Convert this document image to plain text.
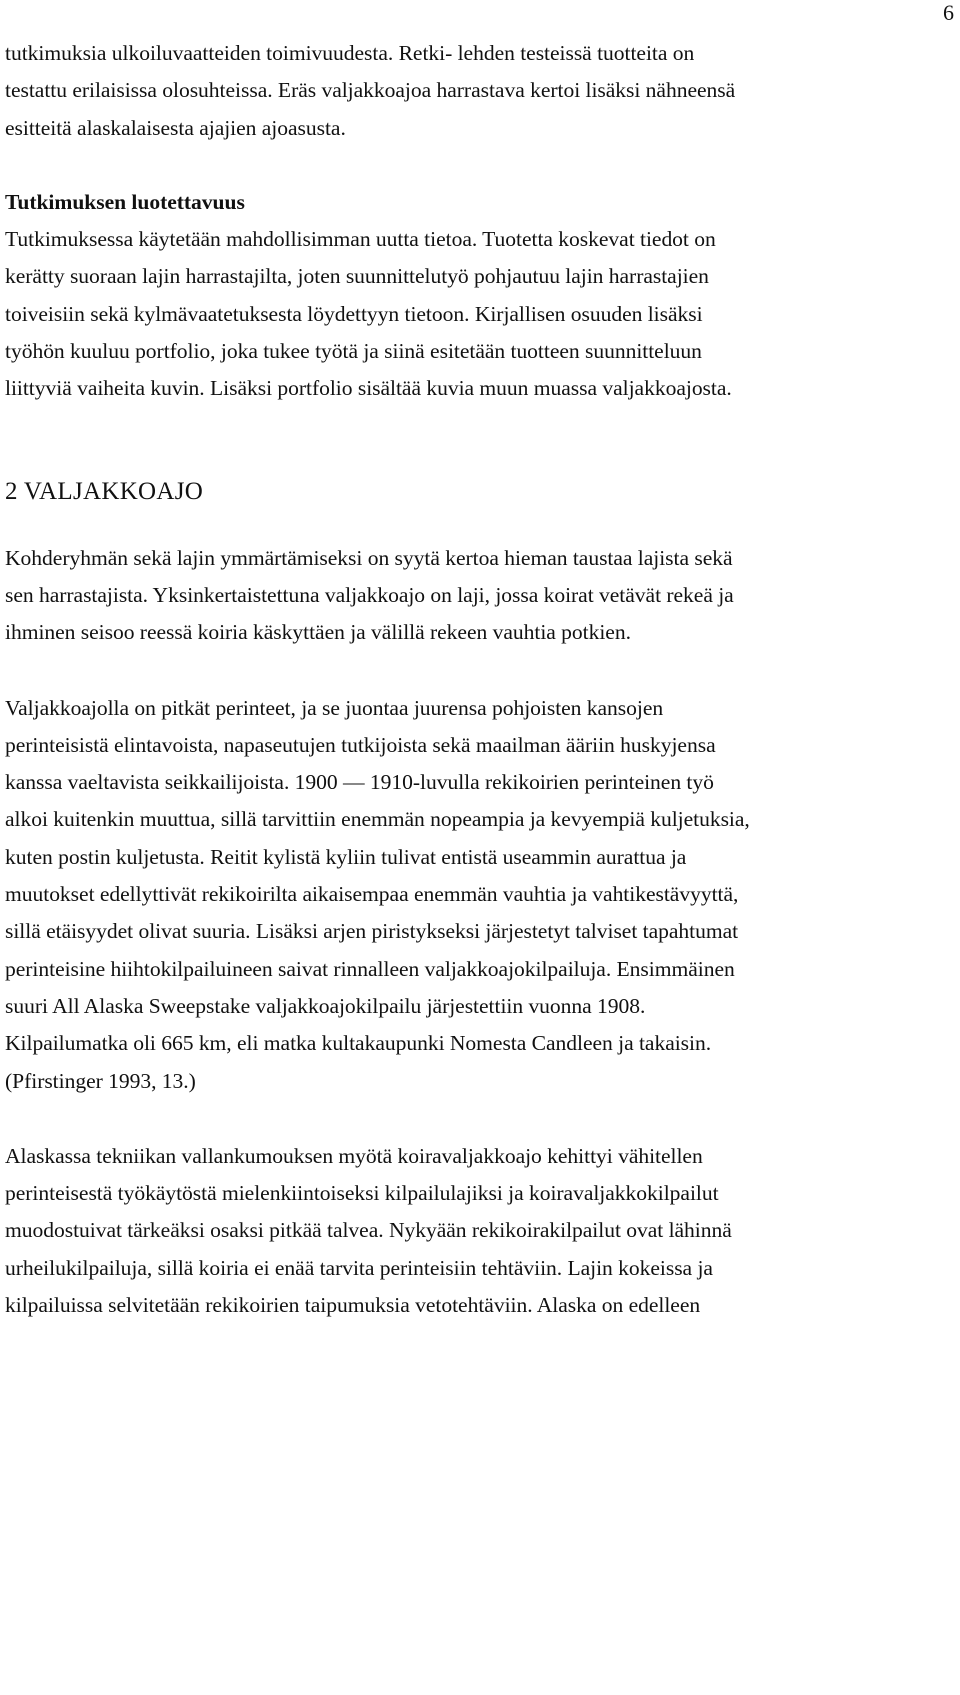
6
tutkimuksia ulkoiluvaatteiden toimivuudesta. Retki- lehden testeissä tuotteita on
testattu erilaisissa olosuhteissa. Eräs valjakkoajoa harrastava kertoi lisäksi nähneensä
esitteitä alaskalaisesta ajajien ajoasusta.
Tutkimuksen luotettavuus
Tutkimuksessa käytetään mahdollisimman uutta tietoa. Tuotetta koskevat tiedot on
kerätty suoraan lajin harrastajilta, joten suunnittelutyö pohjautuu lajin harrastajien
toiveisiin sekä kylmävaatetuksesta löydettyyn tietoon. Kirjallisen osuuden lisäksi
työhön kuuluu portfolio, joka tukee työtä ja siinä esitetään tuotteen suunnitteluun
liittyviä vaiheita kuvin. Lisäksi portfolio sisältää kuvia muun muassa valjakkoajosta.
2 VALJAKKOAJO
Kohderyhmän sekä lajin ymmärtämiseksi on syytä kertoa hieman taustaa lajista sekä
sen harrastajista. Yksinkertaistettuna valjakkoajo on laji, jossa koirat vetävät rekeä ja
ihminen seisoo reessä koiria käskyttäen ja välillä rekeen vauhtia potkien.
Valjakkoajolla on pitkät perinteet, ja se juontaa juurensa pohjoisten kansojen
perinteisistä elintavoista, napaseutujen tutkijoista sekä maailman ääriin huskyjensa
kanssa vaeltavista seikkailijoista. 1900 — 1910-luvulla rekikoirien perinteinen työ
alkoi kuitenkin muuttua, sillä tarvittiin enemmän nopeampia ja kevyempiä kuljetuksia,
kuten postin kuljetusta. Reitit kylistä kyliin tulivat entistä useammin aurattua ja
muutokset edellyttivät rekikoirilta aikaisempaa enemmän vauhtia ja vahtikestävyyttä,
sillä etäisyydet olivat suuria. Lisäksi arjen piristykseksi järjestetyt talviset tapahtumat
perinteisine hiihtokilpailuineen saivat rinnalleen valjakkoajokilpailuja. Ensimmäinen
suuri All Alaska Sweepstake valjakkoajokilpailu järjestettiin vuonna 1908.
Kilpailumatka oli 665 km, eli matka kultakaupunki Nomesta Candleen ja takaisin.
(Pfirstinger 1993, 13.)
Alaskassa tekniikan vallankumouksen myötä koiravaljakkoajo kehittyi vähitellen
perinteisestä työkäytöstä mielenkiintoiseksi kilpailulajiksi ja koiravaljakkokilpailut
muodostuivat tärkeäksi osaksi pitkää talvea. Nykyään rekikoirakilpailut ovat lähinnä
urheilukilpailuja, sillä koiria ei enää tarvita perinteisiin tehtäviin. Lajin kokeissa ja
kilpailuissa selvitetään rekikoirien taipumuksia vetotehtäviin. Alaska on edelleen
